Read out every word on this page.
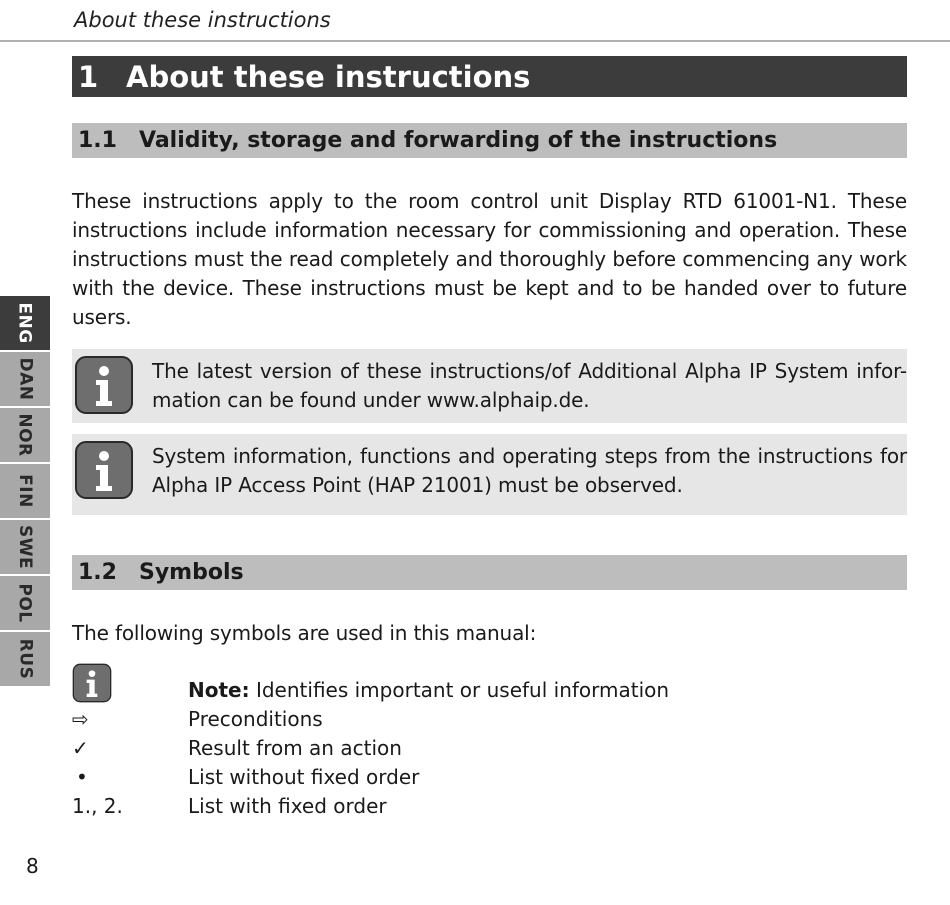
About these instructions
ENG
DAN
NOR
FIN
SWE
POL
RUS
1 About these instructions
1.1	Validity, storage and forwarding of the instructions
These instructions apply to the room control unit Display RTD 61001-N1. These instructions include information necessary for commissioning and operation. These instructions must the read completely and thoroughly before commencing any work with the device. These instructions must be kept and to be handed over to future users.
The latest version of these instructions/of Additional Alpha IP System infor-mation can be found under www.alphaip.de.
System information, functions and operating steps from the instructions for Alpha IP Access Point (HAP 21001) must be observed.
1.2	Symbols
The following symbols are used in this manual:
Note: Identifies important or useful information
⇨	Preconditions
✓	Result from an action
•	List without fixed order
1., 2.	List with fixed order
8
